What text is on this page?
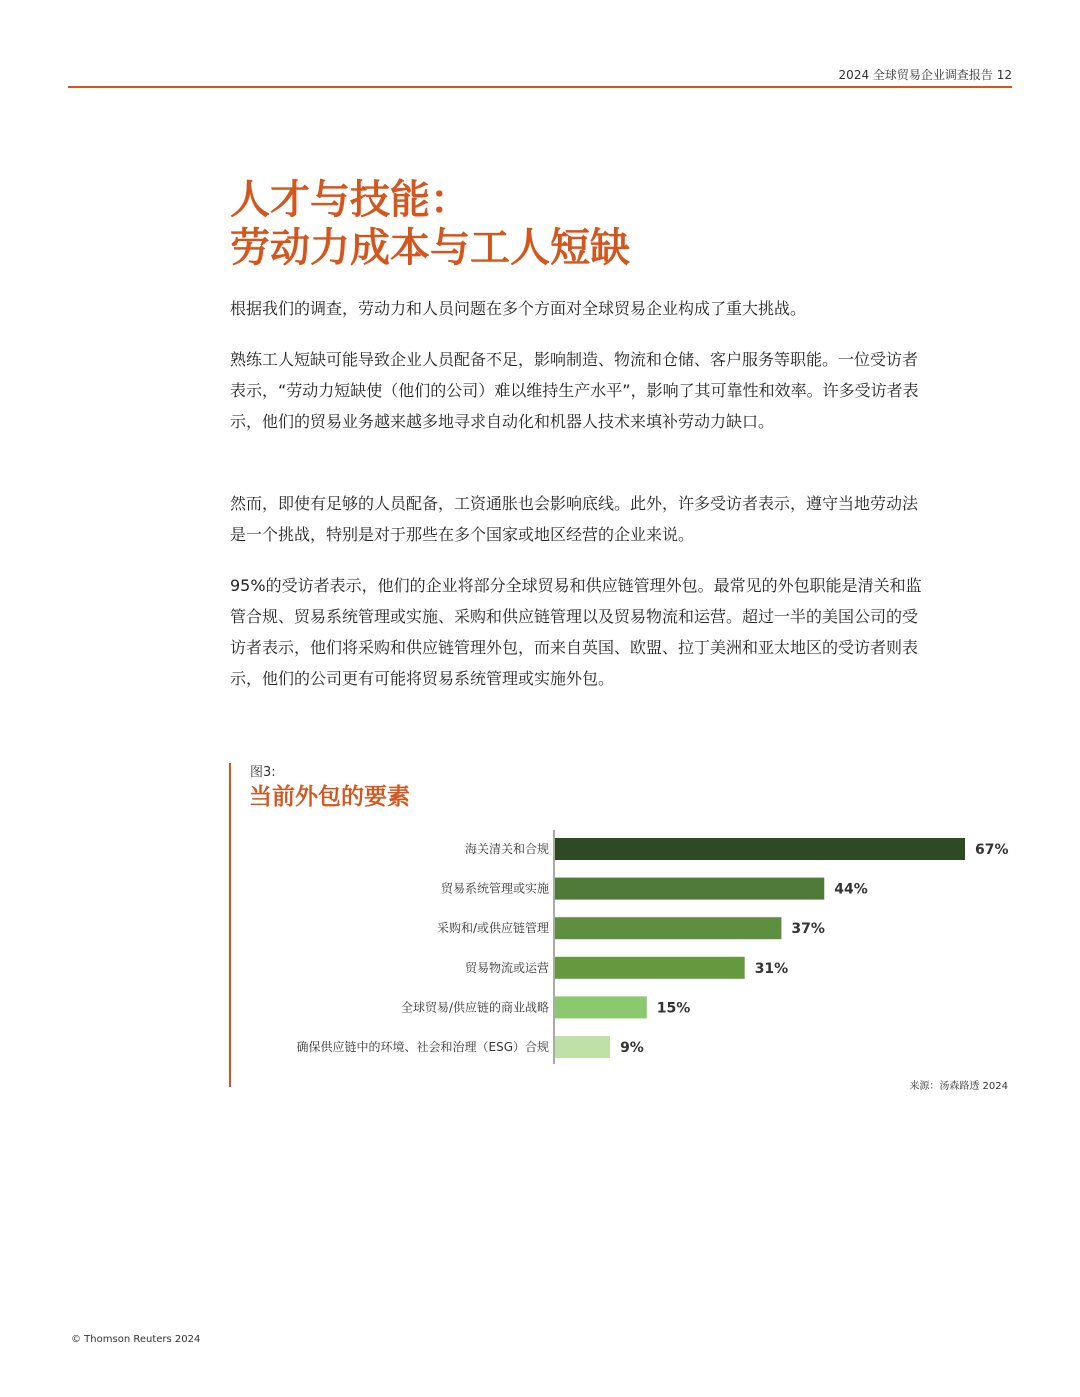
2024 全球贸易企业调查报告 12
人才与技能：
劳动力成本与工人短缺

根据我们的调查，劳动力和人员问题在多个方面对全球贸易企业构成了重大挑战。

熟练工人短缺可能导致企业人员配备不足，影响制造、物流和仓储、客户服务等职能。一位受访者表示，“劳动力短缺使（他们的公司）难以维持生产水平”，影响了其可靠性和效率。许多受访者表示，他们的贸易业务越来越多地寻求自动化和机器人技术来填补劳动力缺口。

然而，即使有足够的人员配备，工资通胀也会影响底线。此外，许多受访者表示，遵守当地劳动法是一个挑战，特别是对于那些在多个国家或地区经营的企业来说。

95%的受访者表示，他们的企业将部分全球贸易和供应链管理外包。最常见的外包职能是清关和监管合规、贸易系统管理或实施、采购和供应链管理以及贸易物流和运营。超过一半的美国公司的受访者表示，他们将采购和供应链管理外包，而来自英国、欧盟、拉丁美洲和亚太地区的受访者则表示，他们的公司更有可能将贸易系统管理或实施外包。

图3:
当前外包的要素
海关清关和合规	67%
贸易系统管理或实施	44%
采购和/或供应链管理	37%
贸易物流或运营	31%
全球贸易/供应链的商业战略	15%
确保供应链中的环境、社会和治理（ESG）合规	9%
来源：汤森路透 2024
© Thomson Reuters 2024
